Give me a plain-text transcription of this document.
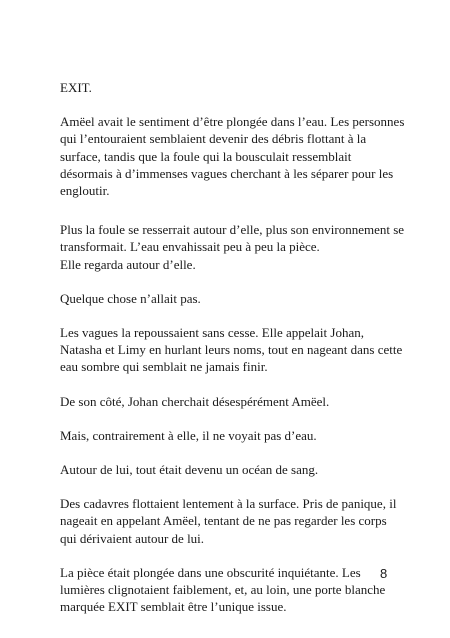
EXIT.

Amëel avait le sentiment d’être plongée dans l’eau. Les personnes qui l’entouraient semblaient devenir des débris flottant à la surface, tandis que la foule qui la bousculait ressemblait désormais à d’immenses vagues cherchant à les séparer pour les engloutir.

Plus la foule se resserrait autour d’elle, plus son environnement se transformait. L’eau envahissait peu à peu la pièce.

Elle regarda autour d’elle.

Quelque chose n’allait pas.

Les vagues la repoussaient sans cesse. Elle appelait Johan, Natasha et Limy en hurlant leurs noms, tout en nageant dans cette eau sombre qui semblait ne jamais finir.

De son côté, Johan cherchait désespérément Amëel.

Mais, contrairement à elle, il ne voyait pas d’eau.

Autour de lui, tout était devenu un océan de sang.

Des cadavres flottaient lentement à la surface. Pris de panique, il nageait en appelant Amëel, tentant de ne pas regarder les corps qui dérivaient autour de lui.

La pièce était plongée dans une obscurité inquiétante. Les lumières clignotaient faiblement, et, au loin, une porte blanche marquée EXIT semblait être l’unique issue.

8
